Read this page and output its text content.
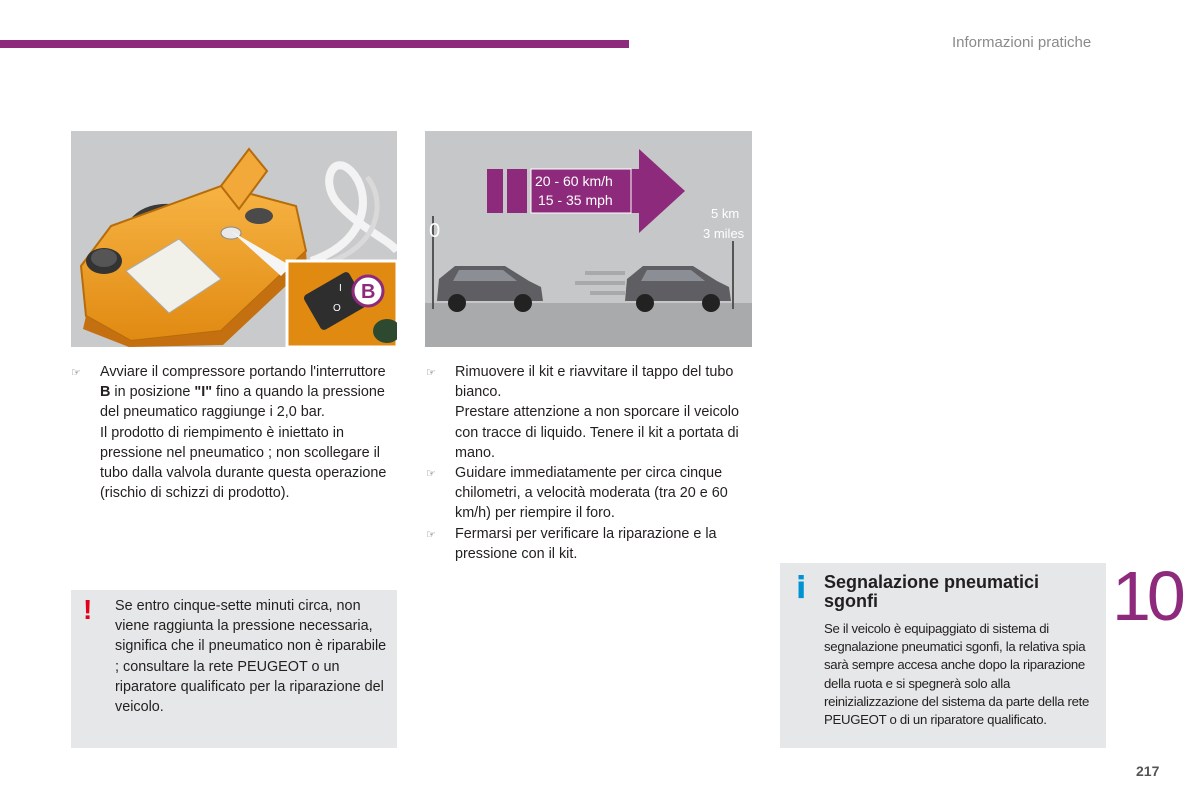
Informazioni pratiche
O
I B
20 - 60 km/h
15 - 35 mph
0
5 km
3 miles
☞ Avviare il compressore portando l'interruttore B in posizione "I" fino a quando la pressione del pneumatico raggiunge i 2,0 bar.
Il prodotto di riempimento è iniettato in pressione nel pneumatico ; non scollegare il tubo dalla valvola durante questa operazione (rischio di schizzi di prodotto).
☞ Rimuovere il kit e riavvitare il tappo del tubo bianco.
Prestare attenzione a non sporcare il veicolo con tracce di liquido. Tenere il kit a portata di mano.
☞ Guidare immediatamente per circa cinque chilometri, a velocità moderata (tra 20 e 60 km/h) per riempire il foro.
☞ Fermarsi per verificare la riparazione e la pressione con il kit.
! Se entro cinque-sette minuti circa, non viene raggiunta la pressione necessaria, significa che il pneumatico non è riparabile ; consultare la rete PEUGEOT o un riparatore qualificato per la riparazione del veicolo.
i Segnalazione pneumatici sgonfi
Se il veicolo è equipaggiato di sistema di segnalazione pneumatici sgonfi, la relativa spia sarà sempre accesa anche dopo la riparazione della ruota e si spegnerà solo alla reinizializzazione del sistema da parte della rete PEUGEOT o di un riparatore qualificato.
10
217
